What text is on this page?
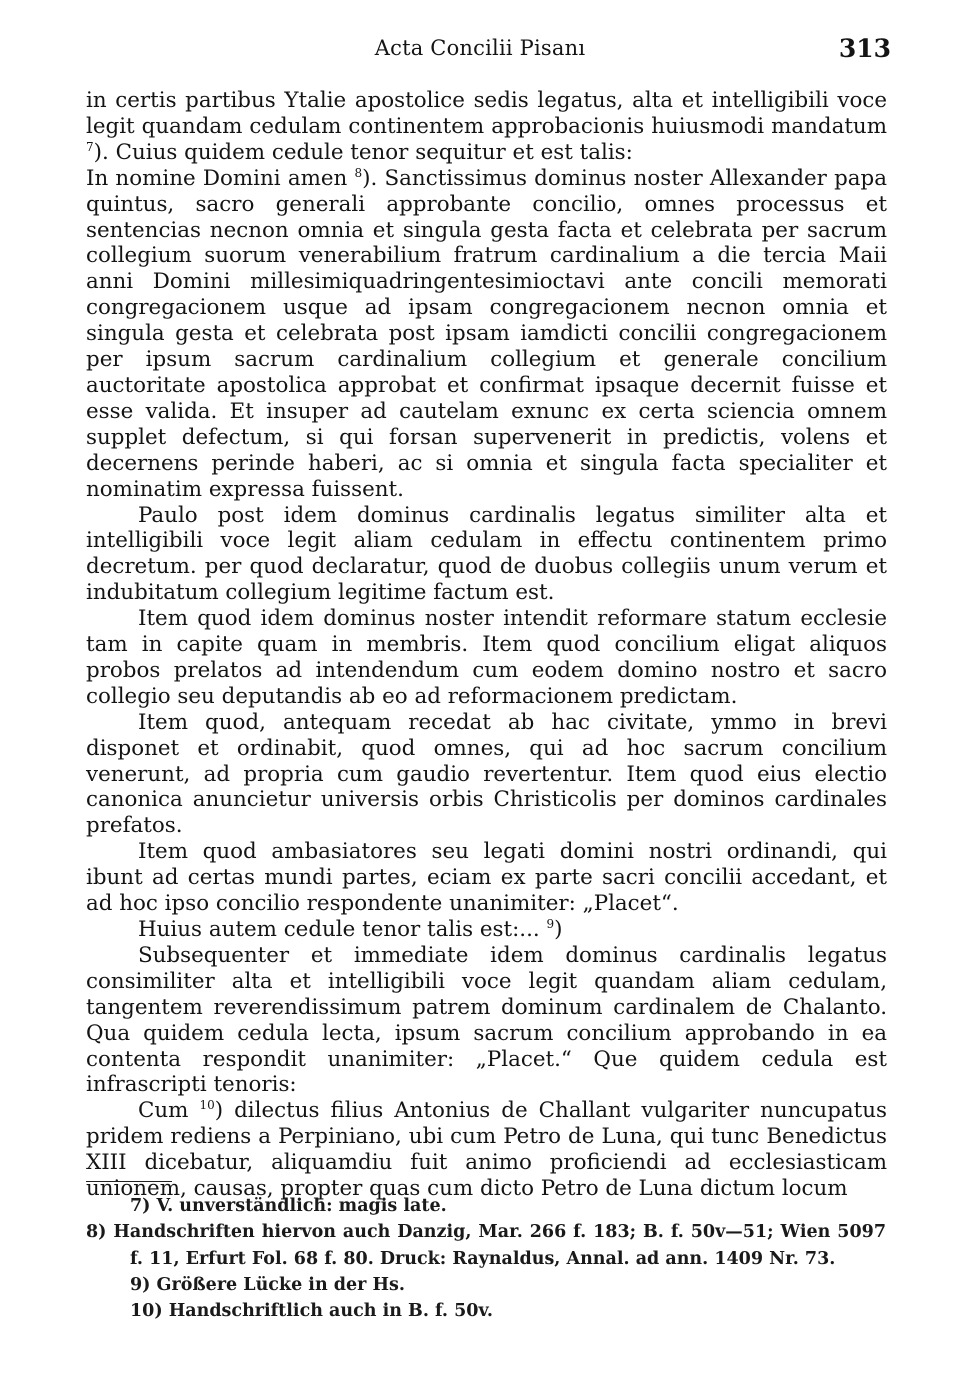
Acta Concilii Pisanı	313

in certis partibus Ytalie apostolice sedis legatus, alta et intelligibili voce legit quandam cedulam continentem approbacionis huiusmodi mandatum $^7$). Cuius quidem cedule tenor sequitur et est talis:

In nomine Domini amen $^8$). Sanctissimus dominus noster Allexander papa quintus, sacro generali approbante concilio, omnes processus et sentencias necnon omnia et singula gesta facta et celebrata per sacrum collegium suorum venerabilium fratrum cardinalium a die tercia Maii anni Domini millesimiquadringentesimioctavi ante concili memorati congregacionem usque ad ipsam congregacionem necnon omnia et singula gesta et celebrata post ipsam iamdicti concilii congregacionem per ipsum sacrum cardinalium collegium et generale concilium auctoritate apostolica approbat et confirmat ipsaque decernit fuisse et esse valida. Et insuper ad cautelam exnunc ex certa sciencia omnem supplet defectum, si qui forsan supervenerit in predictis, volens et decernens perinde haberi, ac si omnia et singula facta specialiter et nominatim expressa fuissent.

Paulo post idem dominus cardinalis legatus similiter alta et intelligibili voce legit aliam cedulam in effectu continentem primo decretum. per quod declaratur, quod de duobus collegiis unum verum et indubitatum collegium legitime factum est.

Item quod idem dominus noster intendit reformare statum ecclesie tam in capite quam in membris. Item quod concilium eligat aliquos probos prelatos ad intendendum cum eodem domino nostro et sacro collegio seu deputandis ab eo ad reformacionem predictam.

Item quod, antequam recedat ab hac civitate, ymmo in brevi disponet et ordinabit, quod omnes, qui ad hoc sacrum concilium venerunt, ad propria cum gaudio revertentur. Item quod eius electio canonica anuncietur universis orbis Christicolis per dominos cardinales prefatos.

Item quod ambasiatores seu legati domini nostri ordinandi, qui ibunt ad certas mundi partes, eciam ex parte sacri concilii accedant, et ad hoc ipso concilio respondente unanimiter: „Placet“.

Huius autem cedule tenor talis est:... $^9$)

Subsequenter et immediate idem dominus cardinalis legatus consimiliter alta et intelligibili voce legit quandam aliam cedulam, tangentem reverendissimum patrem dominum cardinalem de Chalanto. Qua quidem cedula lecta, ipsum sacrum concilium approbando in ea contenta respondit unanimiter: „Placet.“ Que quidem cedula est infrascripti tenoris:

Cum $^{10}$) dilectus filius Antonius de Challant vulgariter nuncupatus pridem rediens a Perpiniano, ubi cum Petro de Luna, qui tunc Benedictus XIII dicebatur, aliquamdiu fuit animo proficiendi ad ecclesiasticam unionem, causas, propter quas cum dicto Petro de Luna dictum locum

7) V. unverständlich: magis late.

8) Handschriften hiervon auch Danzig, Mar. 266 f. 183; B. f. 50v—51; Wien 5097 f. 11, Erfurt Fol. 68 f. 80. Druck: Raynaldus, Annal. ad ann. 1409 Nr. 73.

9) Größere Lücke in der Hs.

10) Handschriftlich auch in B. f. 50v.
